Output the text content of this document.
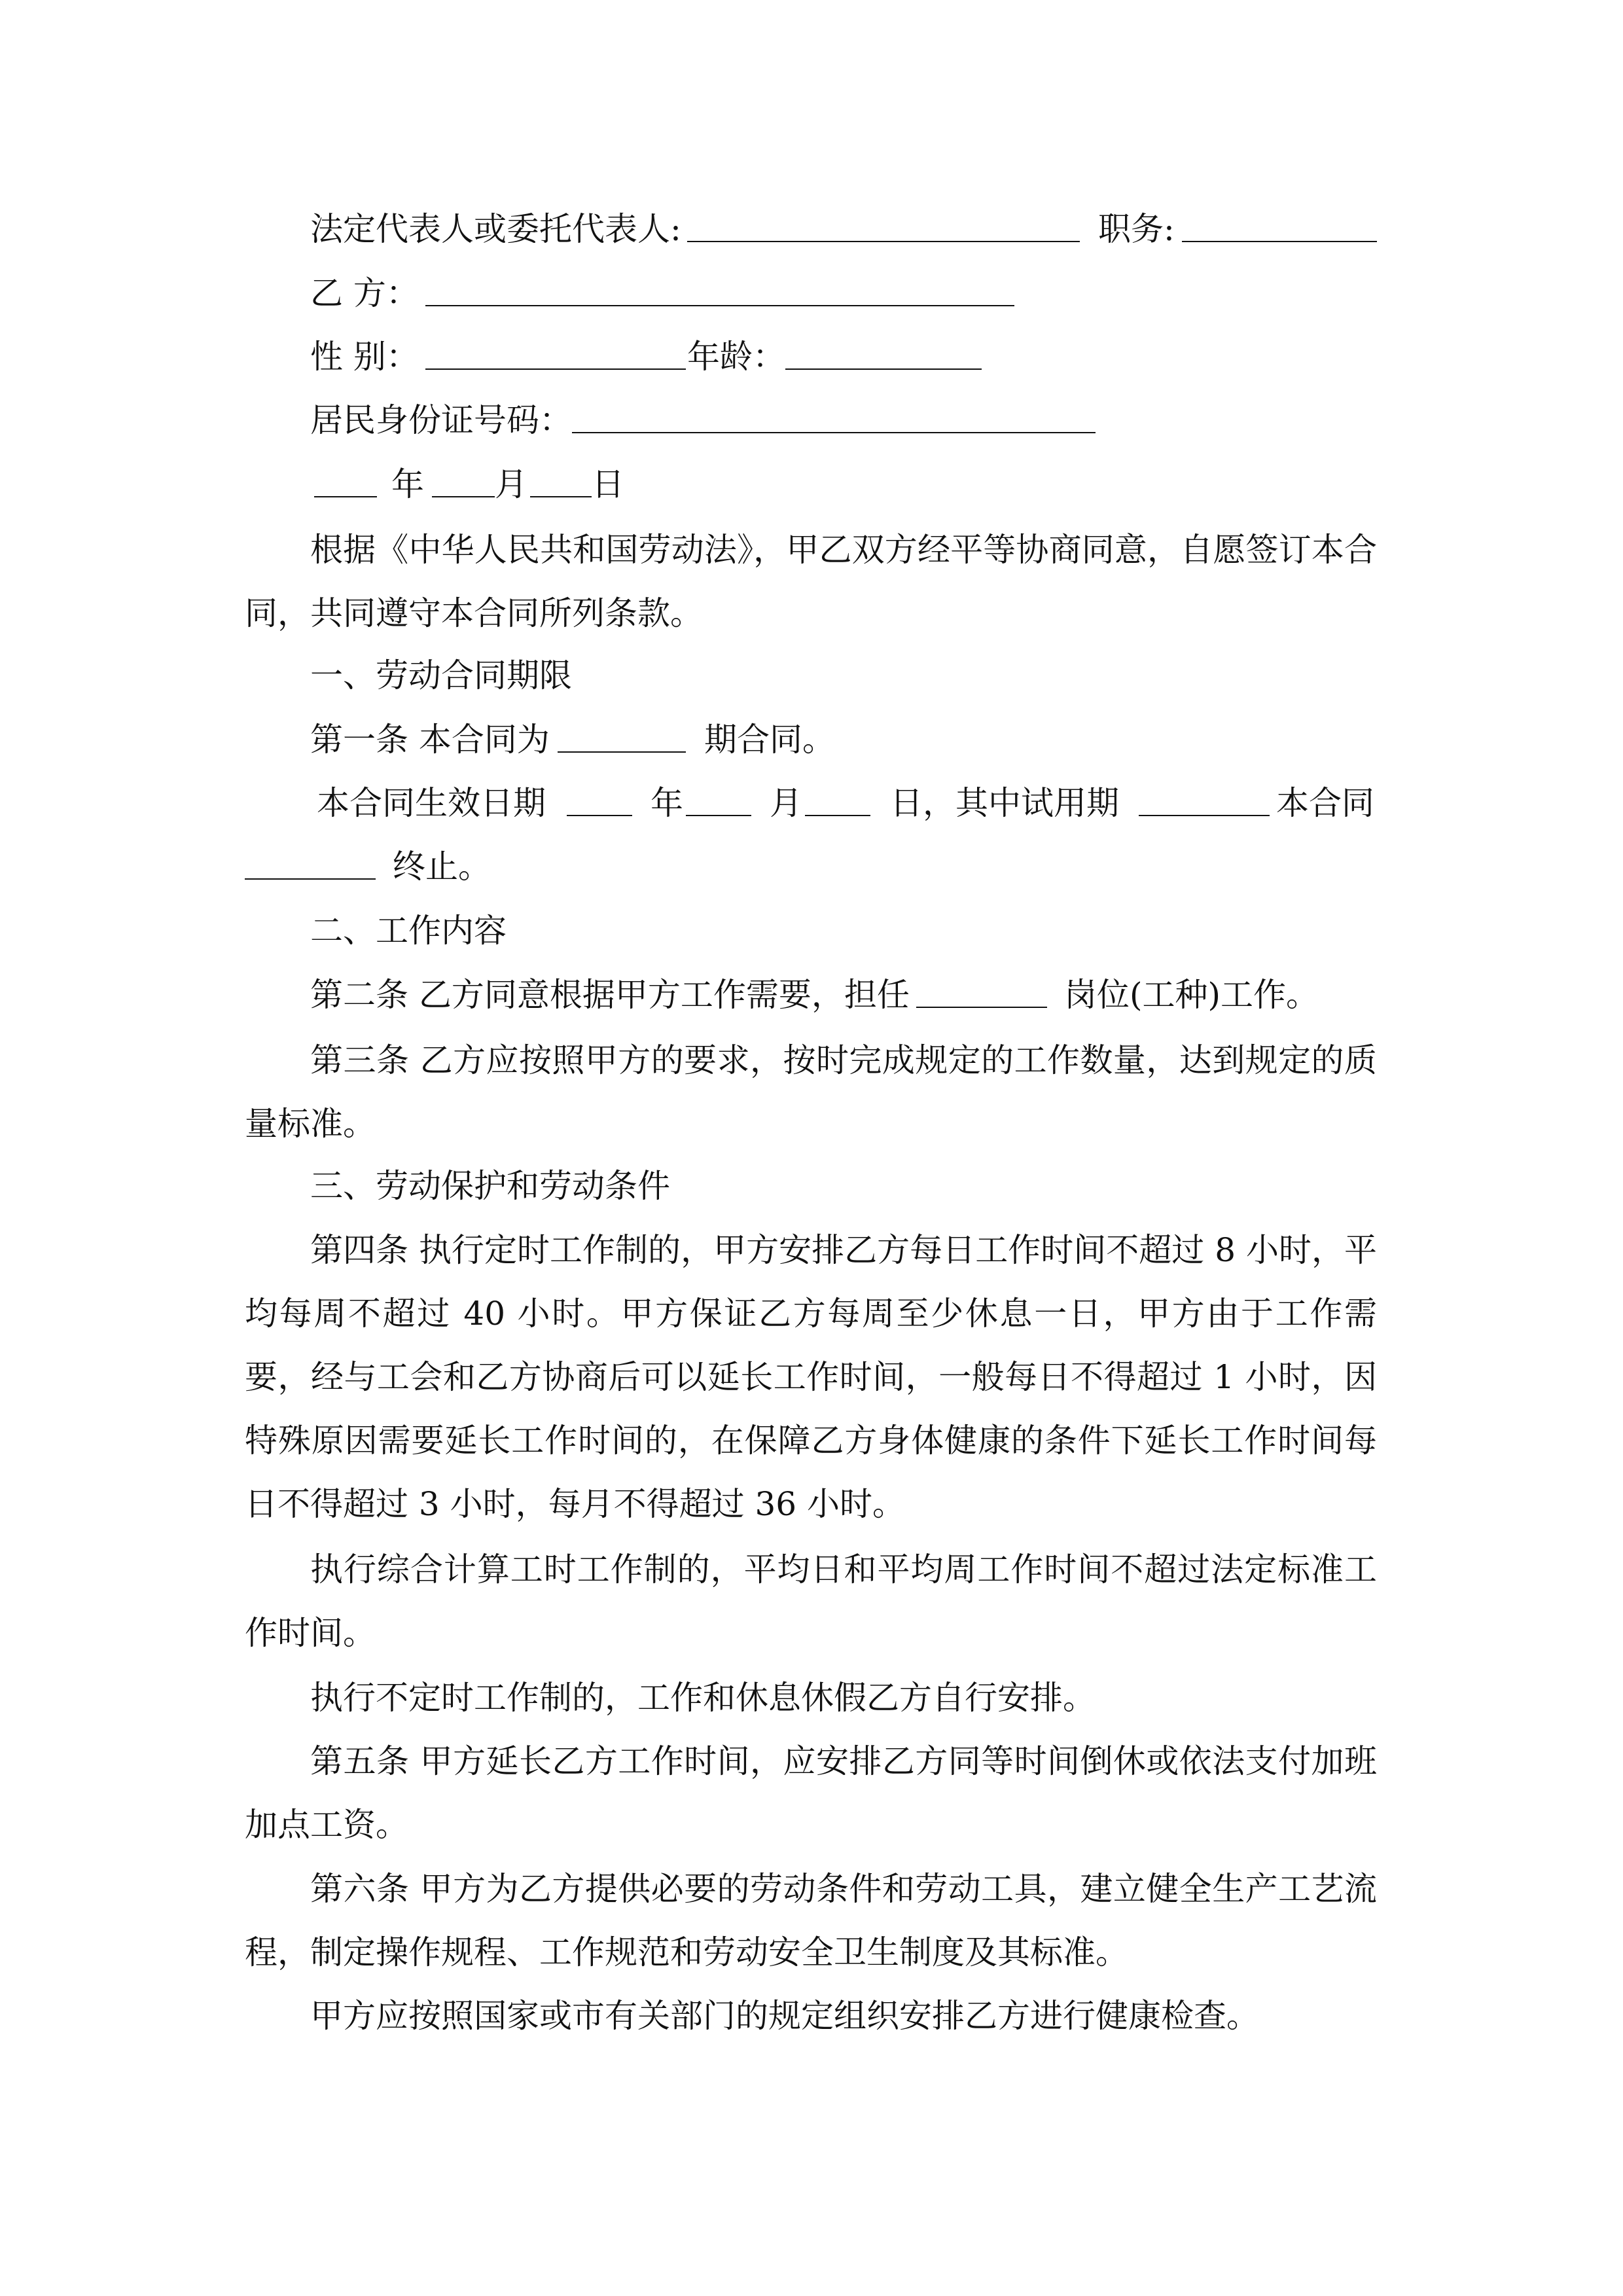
法定代表人或委托代表人:	职务:
乙 方：
性 别：	年龄：
居民身份证号码：
年 月 日

根据《中华人民共和国劳动法》，甲乙双方经平等协商同意，自愿签订本合同，共同遵守本合同所列条款。

一、劳动合同期限
第一条 本合同为	期合同。
本合同生效日期	年	月	日，其中试用期	本合同
终止。
二、工作内容
第二条 乙方同意根据甲方工作需要，担任	岗位(工种)工作。

第三条 乙方应按照甲方的要求，按时完成规定的工作数量，达到规定的质量标准。

三、劳动保护和劳动条件

第四条 执行定时工作制的，甲方安排乙方每日工作时间不超过 8 小时，平均每周不超过 40 小时。甲方保证乙方每周至少休息一日，甲方由于工作需要，经与工会和乙方协商后可以延长工作时间，一般每日不得超过 1 小时，因特殊原因需要延长工作时间的，在保障乙方身体健康的条件下延长工作时间每日不得超过 3 小时，每月不得超过 36 小时。

执行综合计算工时工作制的，平均日和平均周工作时间不超过法定标准工作时间。

执行不定时工作制的，工作和休息休假乙方自行安排。

第五条 甲方延长乙方工作时间，应安排乙方同等时间倒休或依法支付加班加点工资。

第六条 甲方为乙方提供必要的劳动条件和劳动工具，建立健全生产工艺流程，制定操作规程、工作规范和劳动安全卫生制度及其标准。

甲方应按照国家或市有关部门的规定组织安排乙方进行健康检查。
